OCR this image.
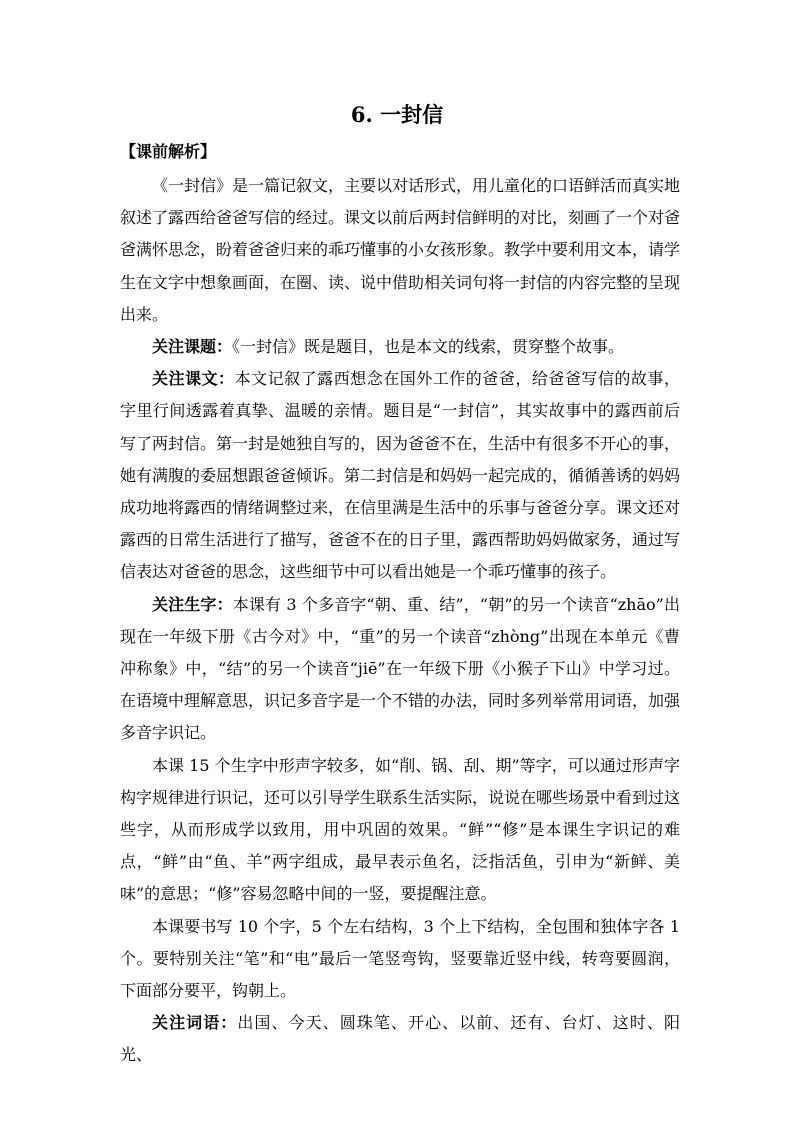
6. 一封信
【课前解析】

《一封信》是一篇记叙文，主要以对话形式，用儿童化的口语鲜活而真实地叙述了露西给爸爸写信的经过。课文以前后两封信鲜明的对比，刻画了一个对爸爸满怀思念，盼着爸爸归来的乖巧懂事的小女孩形象。教学中要利用文本，请学生在文字中想象画面，在圈、读、说中借助相关词句将一封信的内容完整的呈现出来。

关注课题：《一封信》既是题目，也是本文的线索，贯穿整个故事。

关注课文：本文记叙了露西想念在国外工作的爸爸，给爸爸写信的故事，字里行间透露着真挚、温暖的亲情。题目是“一封信”，其实故事中的露西前后写了两封信。第一封是她独自写的，因为爸爸不在，生活中有很多不开心的事，她有满腹的委屈想跟爸爸倾诉。第二封信是和妈妈一起完成的，循循善诱的妈妈成功地将露西的情绪调整过来，在信里满是生活中的乐事与爸爸分享。课文还对露西的日常生活进行了描写，爸爸不在的日子里，露西帮助妈妈做家务，通过写信表达对爸爸的思念，这些细节中可以看出她是一个乖巧懂事的孩子。

关注生字：本课有 3 个多音字“朝、重、结”，“朝”的另一个读音“zhāo”出现在一年级下册《古今对》中，“重”的另一个读音“zhòng”出现在本单元《曹冲称象》中，“结”的另一个读音“jiē”在一年级下册《小猴子下山》中学习过。在语境中理解意思，识记多音字是一个不错的办法，同时多列举常用词语，加强多音字识记。

本课 15 个生字中形声字较多，如“削、锅、刮、期”等字，可以通过形声字构字规律进行识记，还可以引导学生联系生活实际，说说在哪些场景中看到过这些字，从而形成学以致用，用中巩固的效果。“鲜”“修”是本课生字识记的难点，“鲜”由“鱼、羊”两字组成，最早表示鱼名，泛指活鱼，引申为“新鲜、美味”的意思；“修”容易忽略中间的一竖，要提醒注意。

本课要书写 10 个字，5 个左右结构，3 个上下结构，全包围和独体字各 1 个。要特别关注“笔”和“电”最后一笔竖弯钩，竖要靠近竖中线，转弯要圆润， 下面部分要平，钩朝上。

关注词语：出国、今天、圆珠笔、开心、以前、还有、台灯、这时、阳光、
